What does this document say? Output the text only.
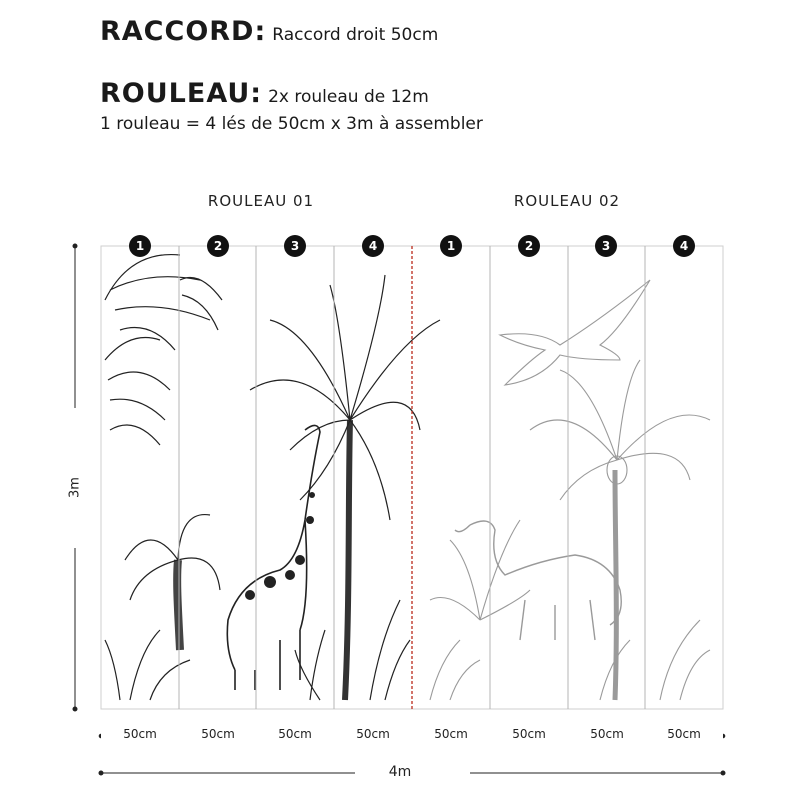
RACCORD: Raccord droit 50cm
ROULEAU: 2x rouleau de 12m
1 rouleau = 4 lés de 50cm x 3m à assembler
ROULEAU 01	ROULEAU 02
1	2	3	4	1	2	3	4
50cm	50cm	50cm	50cm	50cm	50cm	50cm	50cm
3m
4m
